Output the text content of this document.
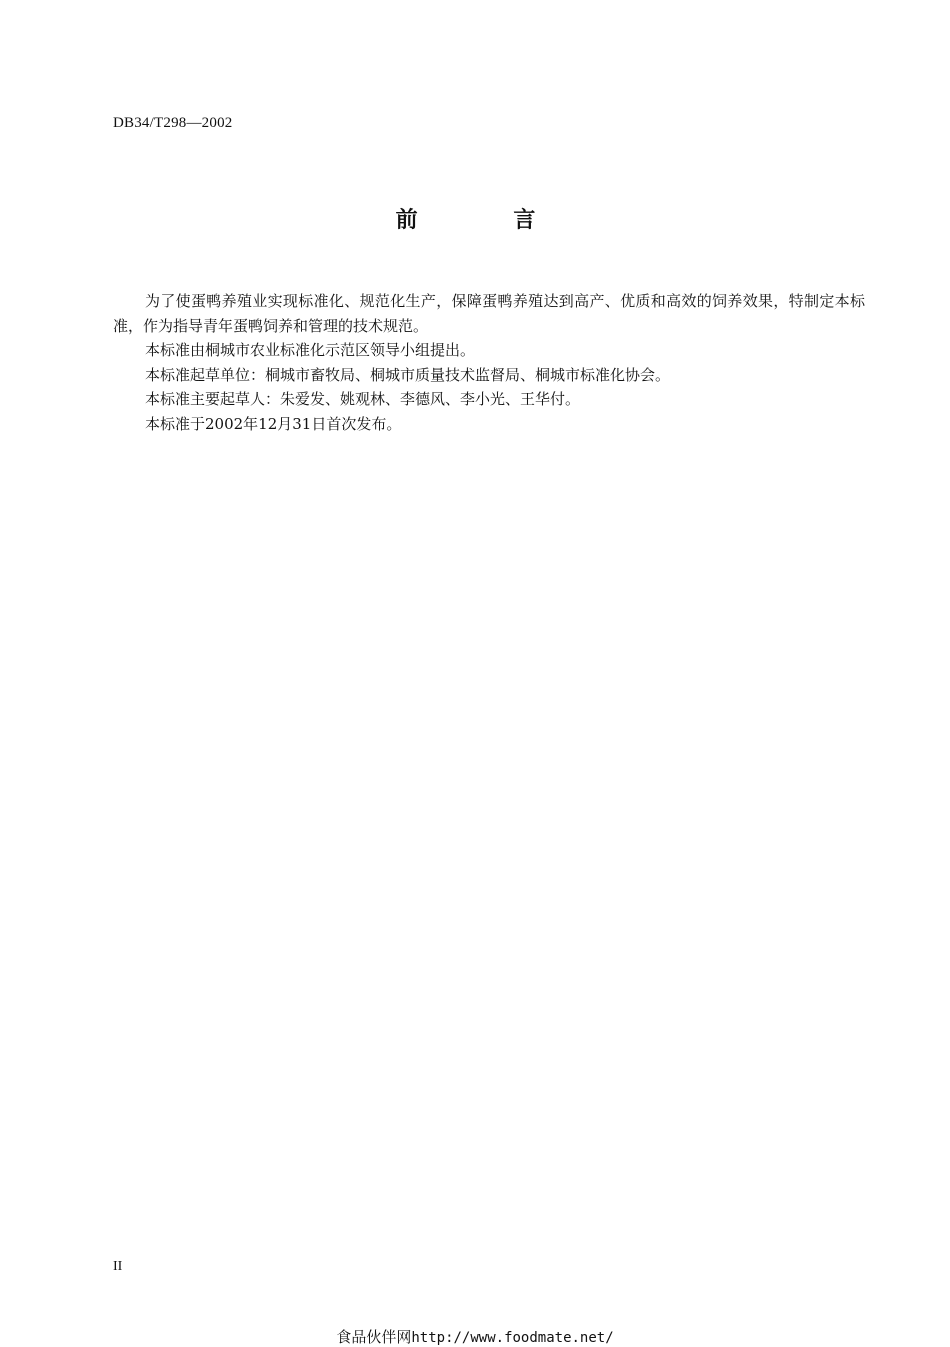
DB34/T298—2002
前 言

为了使蛋鸭养殖业实现标准化、规范化生产，保障蛋鸭养殖达到高产、优质和高效的饲养效果，特制定本标准，作为指导青年蛋鸭饲养和管理的技术规范。

本标准由桐城市农业标准化示范区领导小组提出。

本标准起草单位：桐城市畜牧局、桐城市质量技术监督局、桐城市标准化协会。

本标准主要起草人：朱爱发、姚观林、李德风、李小光、王华付。

本标准于2002年12月31日首次发布。

II
食品伙伴网http://www.foodmate.net/
